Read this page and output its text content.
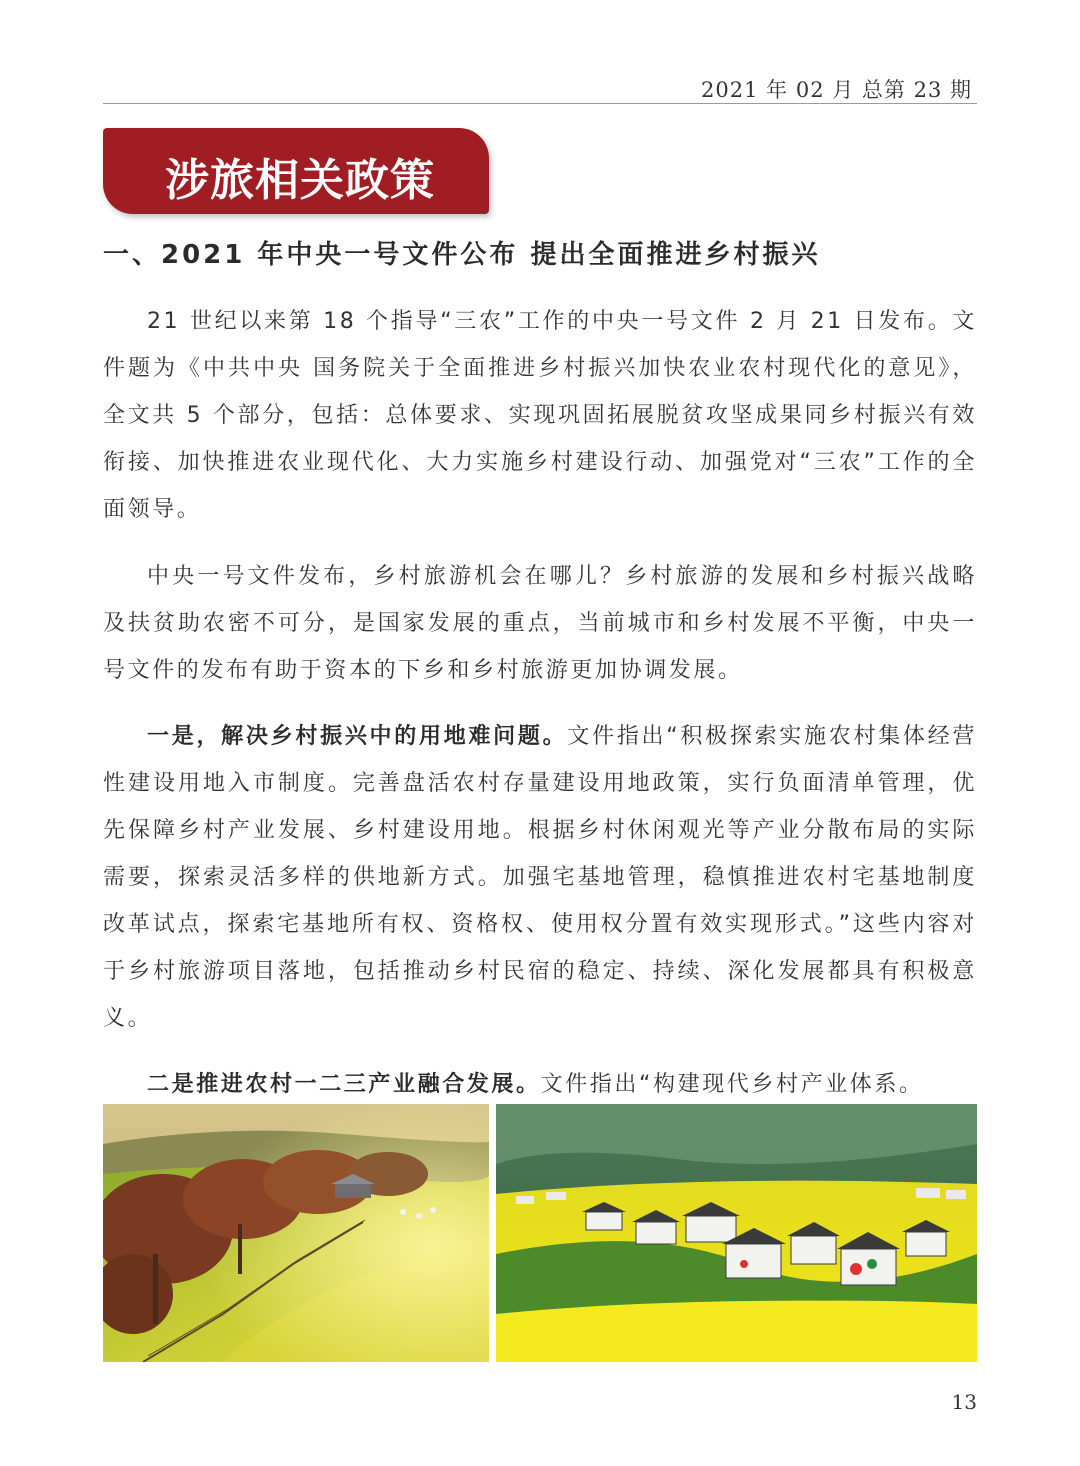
2021 年 02 月 总第 23 期
涉旅相关政策
一、2021 年中央一号文件公布 提出全面推进乡村振兴

21 世纪以来第 18 个指导“三农”工作的中央一号文件 2 月 21 日发布。文件题为《中共中央 国务院关于全面推进乡村振兴加快农业农村现代化的意见》，全文共 5 个部分，包括：总体要求、实现巩固拓展脱贫攻坚成果同乡村振兴有效衔接、加快推进农业现代化、大力实施乡村建设行动、加强党对“三农”工作的全面领导。

中央一号文件发布，乡村旅游机会在哪儿？乡村旅游的发展和乡村振兴战略及扶贫助农密不可分，是国家发展的重点，当前城市和乡村发展不平衡，中央一号文件的发布有助于资本的下乡和乡村旅游更加协调发展。

一是，解决乡村振兴中的用地难问题。文件指出“积极探索实施农村集体经营性建设用地入市制度。完善盘活农村存量建设用地政策，实行负面清单管理，优先保障乡村产业发展、乡村建设用地。根据乡村休闲观光等产业分散布局的实际需要，探索灵活多样的供地新方式。加强宅基地管理，稳慎推进农村宅基地制度改革试点，探索宅基地所有权、资格权、使用权分置有效实现形式。”这些内容对于乡村旅游项目落地，包括推动乡村民宿的稳定、持续、深化发展都具有积极意义。

二是推进农村一二三产业融合发展。文件指出“构建现代乡村产业体系。

13
